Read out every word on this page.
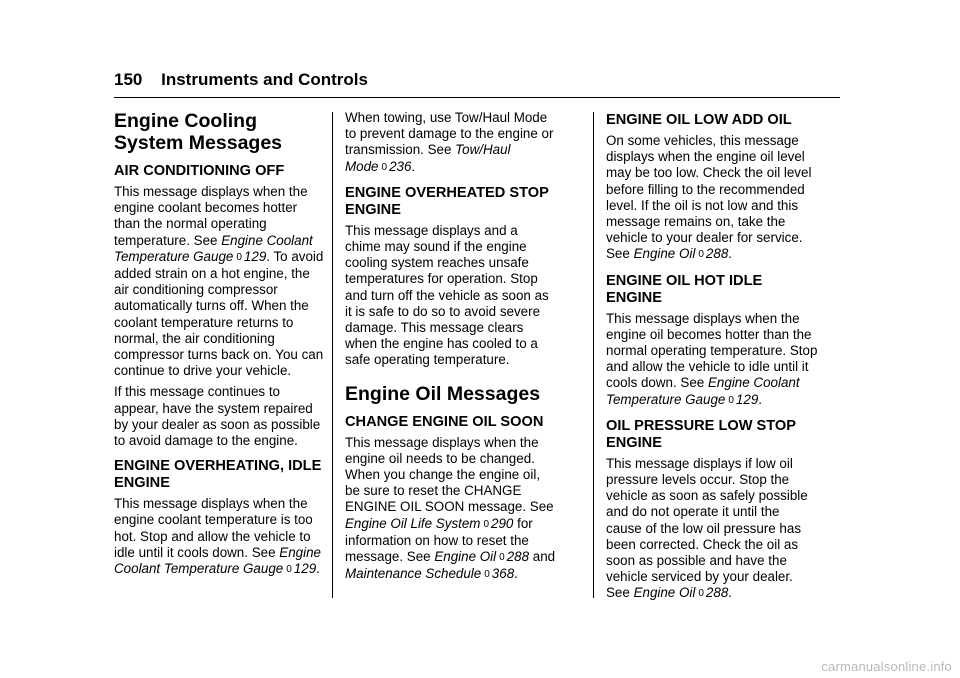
150 Instruments and Controls
Engine Cooling System Messages
AIR CONDITIONING OFF

This message displays when the engine coolant becomes hotter than the normal operating temperature. See Engine Coolant Temperature Gauge 0 129. To avoid added strain on a hot engine, the air conditioning compressor automatically turns off. When the coolant temperature returns to normal, the air conditioning compressor turns back on. You can continue to drive your vehicle.

If this message continues to appear, have the system repaired by your dealer as soon as possible to avoid damage to the engine.

ENGINE OVERHEATING, IDLE ENGINE

This message displays when the engine coolant temperature is too hot. Stop and allow the vehicle to idle until it cools down. See Engine Coolant Temperature Gauge 0 129.

When towing, use Tow/Haul Mode to prevent damage to the engine or transmission. See Tow/Haul Mode 0 236.

ENGINE OVERHEATED STOP ENGINE

This message displays and a chime may sound if the engine cooling system reaches unsafe temperatures for operation. Stop and turn off the vehicle as soon as it is safe to do so to avoid severe damage. This message clears when the engine has cooled to a safe operating temperature.

Engine Oil Messages
CHANGE ENGINE OIL SOON

This message displays when the engine oil needs to be changed. When you change the engine oil, be sure to reset the CHANGE ENGINE OIL SOON message. See Engine Oil Life System 0 290 for information on how to reset the message. See Engine Oil 0 288 and Maintenance Schedule 0 368.

ENGINE OIL LOW ADD OIL

On some vehicles, this message displays when the engine oil level may be too low. Check the oil level before filling to the recommended level. If the oil is not low and this message remains on, take the vehicle to your dealer for service. See Engine Oil 0 288.

ENGINE OIL HOT IDLE ENGINE

This message displays when the engine oil becomes hotter than the normal operating temperature. Stop and allow the vehicle to idle until it cools down. See Engine Coolant Temperature Gauge 0 129.

OIL PRESSURE LOW STOP ENGINE

This message displays if low oil pressure levels occur. Stop the vehicle as soon as safely possible and do not operate it until the cause of the low oil pressure has been corrected. Check the oil as soon as possible and have the vehicle serviced by your dealer. See Engine Oil 0 288.

carmanualsonline.info
